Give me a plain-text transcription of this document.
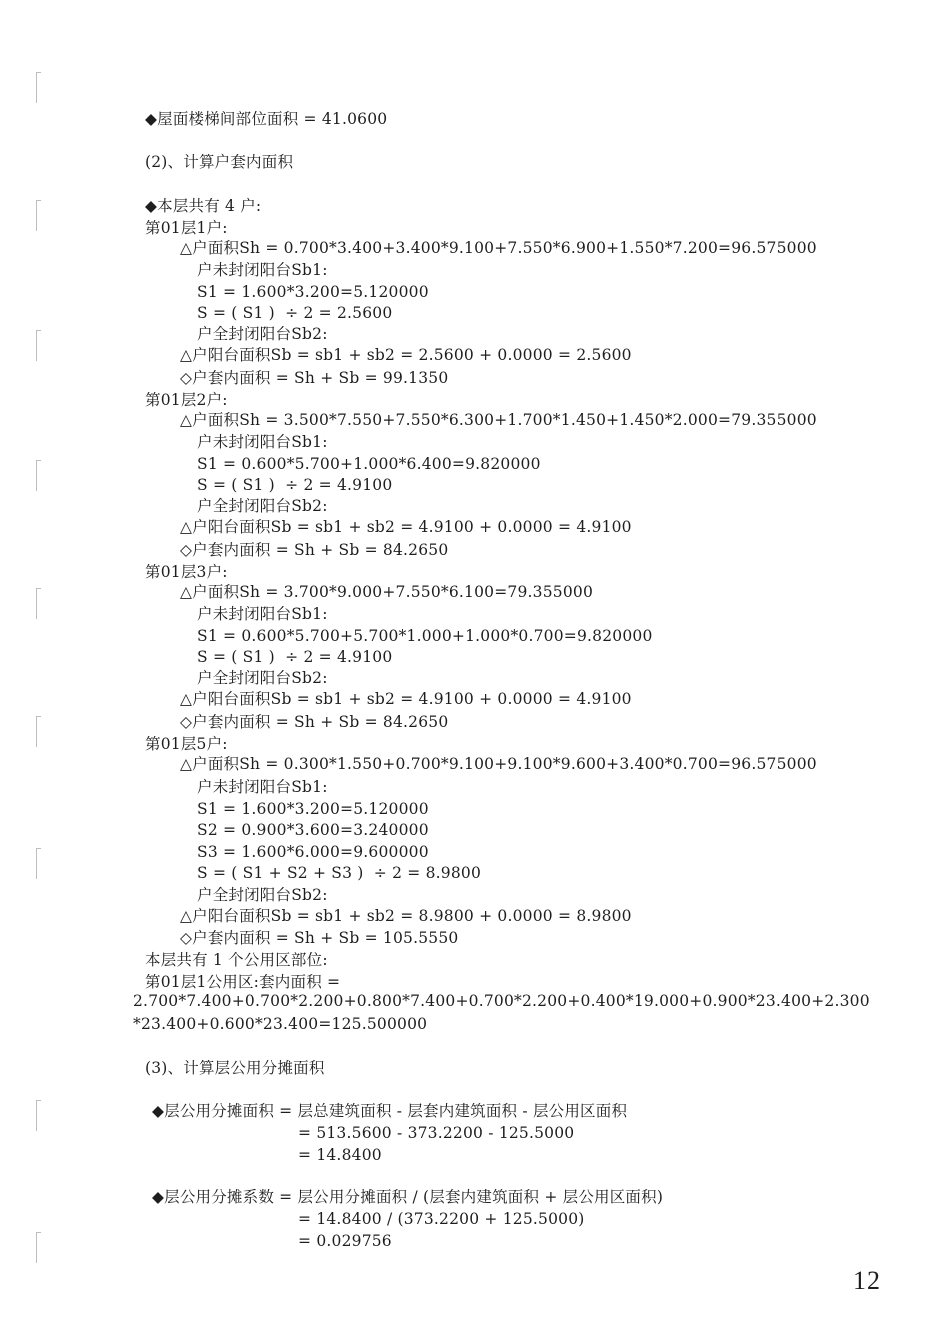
◆屋面楼梯间部位面积 = 41.0600
(2)、计算户套内面积
◆本层共有 4 户:
第01层1户:
△户面积Sh = 0.700*3.400+3.400*9.100+7.550*6.900+1.550*7.200=96.575000
户未封闭阳台Sb1:
S1 = 1.600*3.200=5.120000
S = ( S1 )  ÷ 2 = 2.5600
户全封闭阳台Sb2:
△户阳台面积Sb = sb1 + sb2 = 2.5600 + 0.0000 = 2.5600
◇户套内面积 = Sh + Sb = 99.1350
第01层2户:
△户面积Sh = 3.500*7.550+7.550*6.300+1.700*1.450+1.450*2.000=79.355000
户未封闭阳台Sb1:
S1 = 0.600*5.700+1.000*6.400=9.820000
S = ( S1 )  ÷ 2 = 4.9100
户全封闭阳台Sb2:
△户阳台面积Sb = sb1 + sb2 = 4.9100 + 0.0000 = 4.9100
◇户套内面积 = Sh + Sb = 84.2650
第01层3户:
△户面积Sh = 3.700*9.000+7.550*6.100=79.355000
户未封闭阳台Sb1:
S1 = 0.600*5.700+5.700*1.000+1.000*0.700=9.820000
S = ( S1 )  ÷ 2 = 4.9100
户全封闭阳台Sb2:
△户阳台面积Sb = sb1 + sb2 = 4.9100 + 0.0000 = 4.9100
◇户套内面积 = Sh + Sb = 84.2650
第01层5户:
△户面积Sh = 0.300*1.550+0.700*9.100+9.100*9.600+3.400*0.700=96.575000
户未封闭阳台Sb1:
S1 = 1.600*3.200=5.120000
S2 = 0.900*3.600=3.240000
S3 = 1.600*6.000=9.600000
S = ( S1 + S2 + S3 )  ÷ 2 = 8.9800
户全封闭阳台Sb2:
△户阳台面积Sb = sb1 + sb2 = 8.9800 + 0.0000 = 8.9800
◇户套内面积 = Sh + Sb = 105.5550
本层共有 1 个公用区部位:
第01层1公用区:套内面积 =
2.700*7.400+0.700*2.200+0.800*7.400+0.700*2.200+0.400*19.000+0.900*23.400+2.300
*23.400+0.600*23.400=125.500000
(3)、计算层公用分摊面积
◆层公用分摊面积 = 层总建筑面积 - 层套内建筑面积 - 层公用区面积
= 513.5600 - 373.2200 - 125.5000
= 14.8400
◆层公用分摊系数 = 层公用分摊面积 / (层套内建筑面积 + 层公用区面积)
= 14.8400 / (373.2200 + 125.5000)
= 0.029756
12
